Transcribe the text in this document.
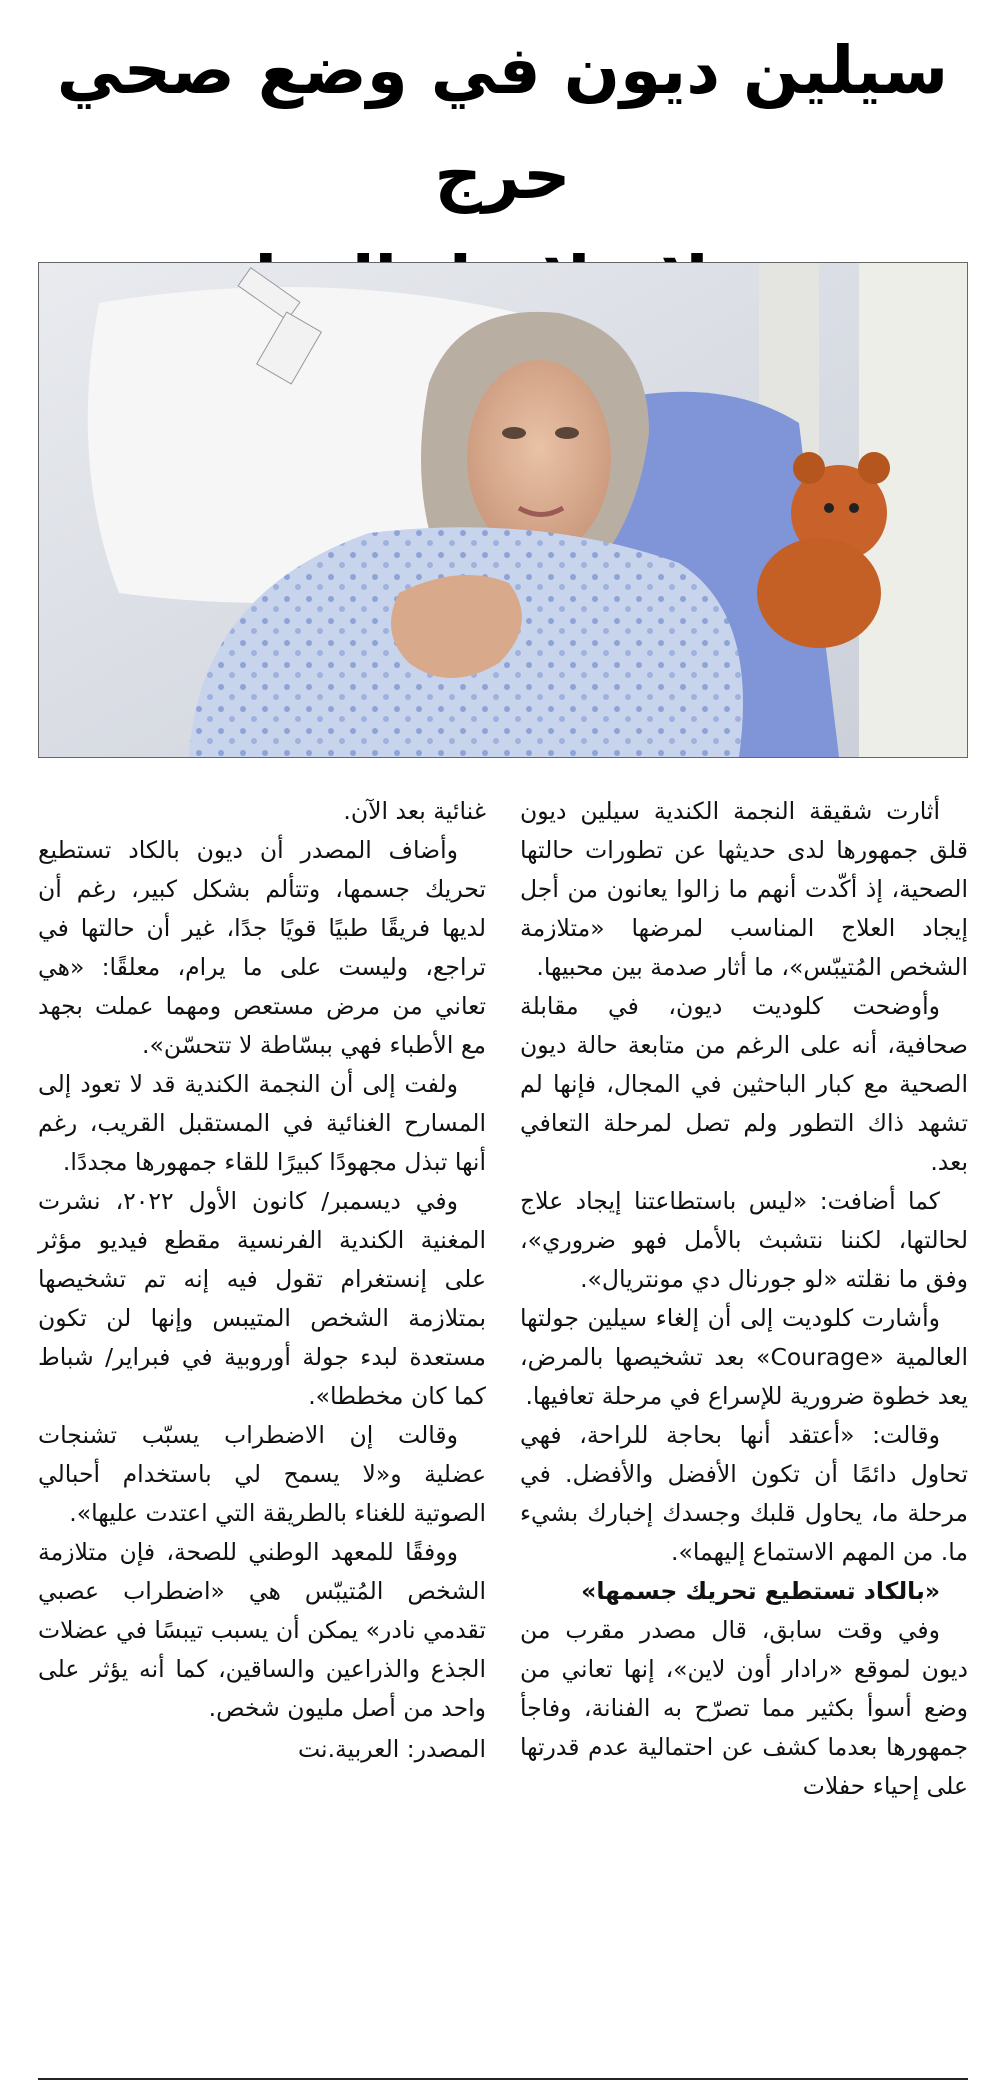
سيلين ديون في وضع صحي حرج

أثارت شقيقة النجمة الكندية سيلين ديون قلق جمهورها لدى حديثها عن تطورات حالتها الصحية، إذ أكّدت أنهم ما زالوا يعانون من أجل إيجاد العلاج المناسب لمرضها «متلازمة الشخص المُتيبّس»، ما أثار صدمة بين محبيها.

وأوضحت كلوديت ديون، في مقابلة صحافية، أنه على الرغم من متابعة حالة ديون الصحية مع كبار الباحثين في المجال، فإنها لم تشهد ذاك التطور ولم تصل لمرحلة التعافي بعد.

كما أضافت: «ليس باستطاعتنا إيجاد علاج لحالتها، لكننا نتشبث بالأمل فهو ضروري»، وفق ما نقلته «لو جورنال دي مونتريال».

وأشارت كلوديت إلى أن إلغاء سيلين جولتها العالمية «Courage» بعد تشخيصها بالمرض، يعد خطوة ضرورية للإسراع في مرحلة تعافيها.

وقالت: «أعتقد أنها بحاجة للراحة، فهي تحاول دائمًا أن تكون الأفضل والأفضل. في مرحلة ما، يحاول قلبك وجسدك إخبارك بشيء ما. من المهم الاستماع إليهما».

«بالكاد تستطيع تحريك جسمها»

وفي وقت سابق، قال مصدر مقرب من ديون لموقع «رادار أون لاين»، إنها تعاني من وضع أسوأ بكثير مما تصرّح به الفنانة، وفاجأ جمهورها بعدما كشف عن احتمالية عدم قدرتها على إحياء حفلات

غنائية بعد الآن.

وأضاف المصدر أن ديون بالكاد تستطيع تحريك جسمها، وتتألم بشكل كبير، رغم أن لديها فريقًا طبيًا قويًا جدًا، غير أن حالتها في تراجع، وليست على ما يرام، معلقًا: «هي تعاني من مرض مستعص ومهما عملت بجهد مع الأطباء فهي ببسّاطة لا تتحسّن».

ولفت إلى أن النجمة الكندية قد لا تعود إلى المسارح الغنائية في المستقبل القريب، رغم أنها تبذل مجهودًا كبيرًا للقاء جمهورها مجددًا.

وفي ديسمبر/ كانون الأول ٢٠٢٢، نشرت المغنية الكندية الفرنسية مقطع فيديو مؤثر على إنستغرام تقول فيه إنه تم تشخيصها بمتلازمة الشخص المتيبس وإنها لن تكون مستعدة لبدء جولة أوروبية في فبراير/ شباط كما كان مخططا».

وقالت إن الاضطراب يسبّب تشنجات عضلية و«لا يسمح لي باستخدام أحبالي الصوتية للغناء بالطريقة التي اعتدت عليها».

ووفقًا للمعهد الوطني للصحة، فإن متلازمة الشخص المُتيبّس هي «اضطراب عصبي تقدمي نادر» يمكن أن يسبب تيبسًا في عضلات الجذع والذراعين والساقين، كما أنه يؤثر على واحد من أصل مليون شخص.

المصدر: العربية.نت
